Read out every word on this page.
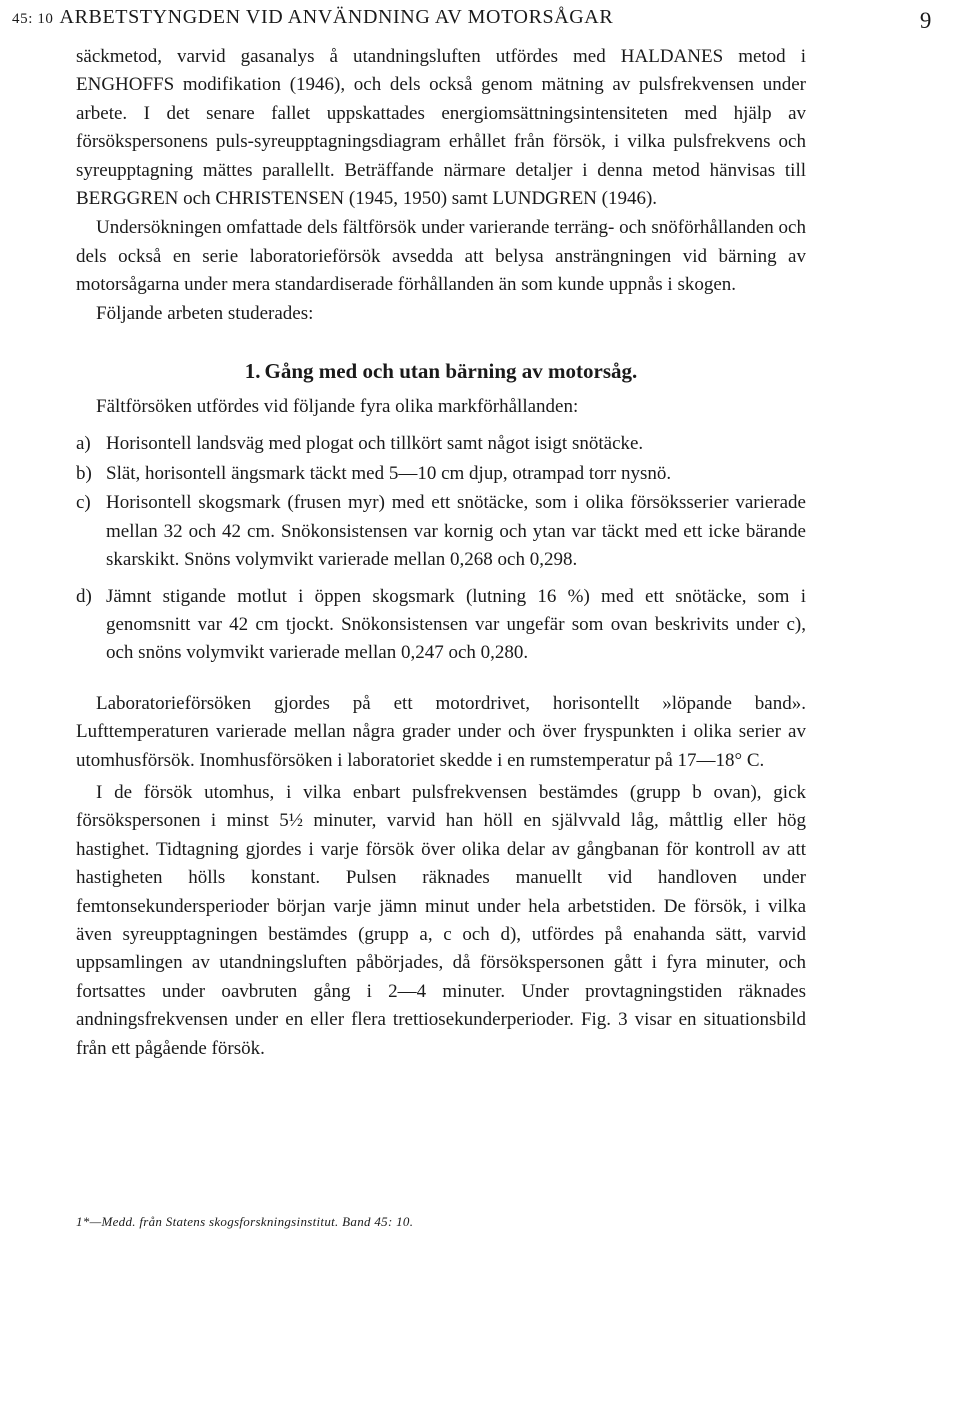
45: 10 ARBETSTYNGDEN VID ANVÄNDNING AV MOTORSÅGAR	9

säckmetod, varvid gasanalys å utandningsluften utfördes med HALDANES metod i ENGHOFFS modifikation (1946), och dels också genom mätning av pulsfrekvensen under arbete. I det senare fallet uppskattades energiomsättningsintensiteten med hjälp av försökspersonens puls-syreupptagningsdiagram erhållet från försök, i vilka pulsfrekvens och syreupptagning mättes parallellt. Beträffande närmare detaljer i denna metod hänvisas till BERGGREN och CHRISTENSEN (1945, 1950) samt LUNDGREN (1946).

Undersökningen omfattade dels fältförsök under varierande terräng- och snöförhållanden och dels också en serie laboratorieförsök avsedda att belysa ansträngningen vid bärning av motorsågarna under mera standardiserade förhållanden än som kunde uppnås i skogen.

Följande arbeten studerades:

1. Gång med och utan bärning av motorsåg.

Fältförsöken utfördes vid följande fyra olika markförhållanden:

a) Horisontell landsväg med plogat och tillkört samt något isigt snötäcke.
b) Slät, horisontell ängsmark täckt med 5—10 cm djup, otrampad torr nysnö.
c) Horisontell skogsmark (frusen myr) med ett snötäcke, som i olika försöksserier varierade mellan 32 och 42 cm. Snökonsistensen var kornig och ytan var täckt med ett icke bärande skarskikt. Snöns volymvikt varierade mellan 0,268 och 0,298.
d) Jämnt stigande motlut i öppen skogsmark (lutning 16 %) med ett snötäcke, som i genomsnitt var 42 cm tjockt. Snökonsistensen var ungefär som ovan beskrivits under c), och snöns volymvikt varierade mellan 0,247 och 0,280.

Laboratorieförsöken gjordes på ett motordrivet, horisontellt »löpande band». Lufttemperaturen varierade mellan några grader under och över fryspunkten i olika serier av utomhusförsök. Inomhusförsöken i laboratoriet skedde i en rumstemperatur på 17—18° C.

I de försök utomhus, i vilka enbart pulsfrekvensen bestämdes (grupp b ovan), gick försökspersonen i minst 5½ minuter, varvid han höll en självvald låg, måttlig eller hög hastighet. Tidtagning gjordes i varje försök över olika delar av gångbanan för kontroll av att hastigheten hölls konstant. Pulsen räknades manuellt vid handloven under femtonsekundersperioder början varje jämn minut under hela arbetstiden. De försök, i vilka även syreupptagningen bestämdes (grupp a, c och d), utfördes på enahanda sätt, varvid uppsamlingen av utandningsluften påbörjades, då försökspersonen gått i fyra minuter, och fortsattes under oavbruten gång i 2—4 minuter. Under provtagningstiden räknades andningsfrekvensen under en eller flera trettiosekunderperioder. Fig. 3 visar en situationsbild från ett pågående försök.

1*—Medd. från Statens skogsforskningsinstitut. Band 45: 10.
